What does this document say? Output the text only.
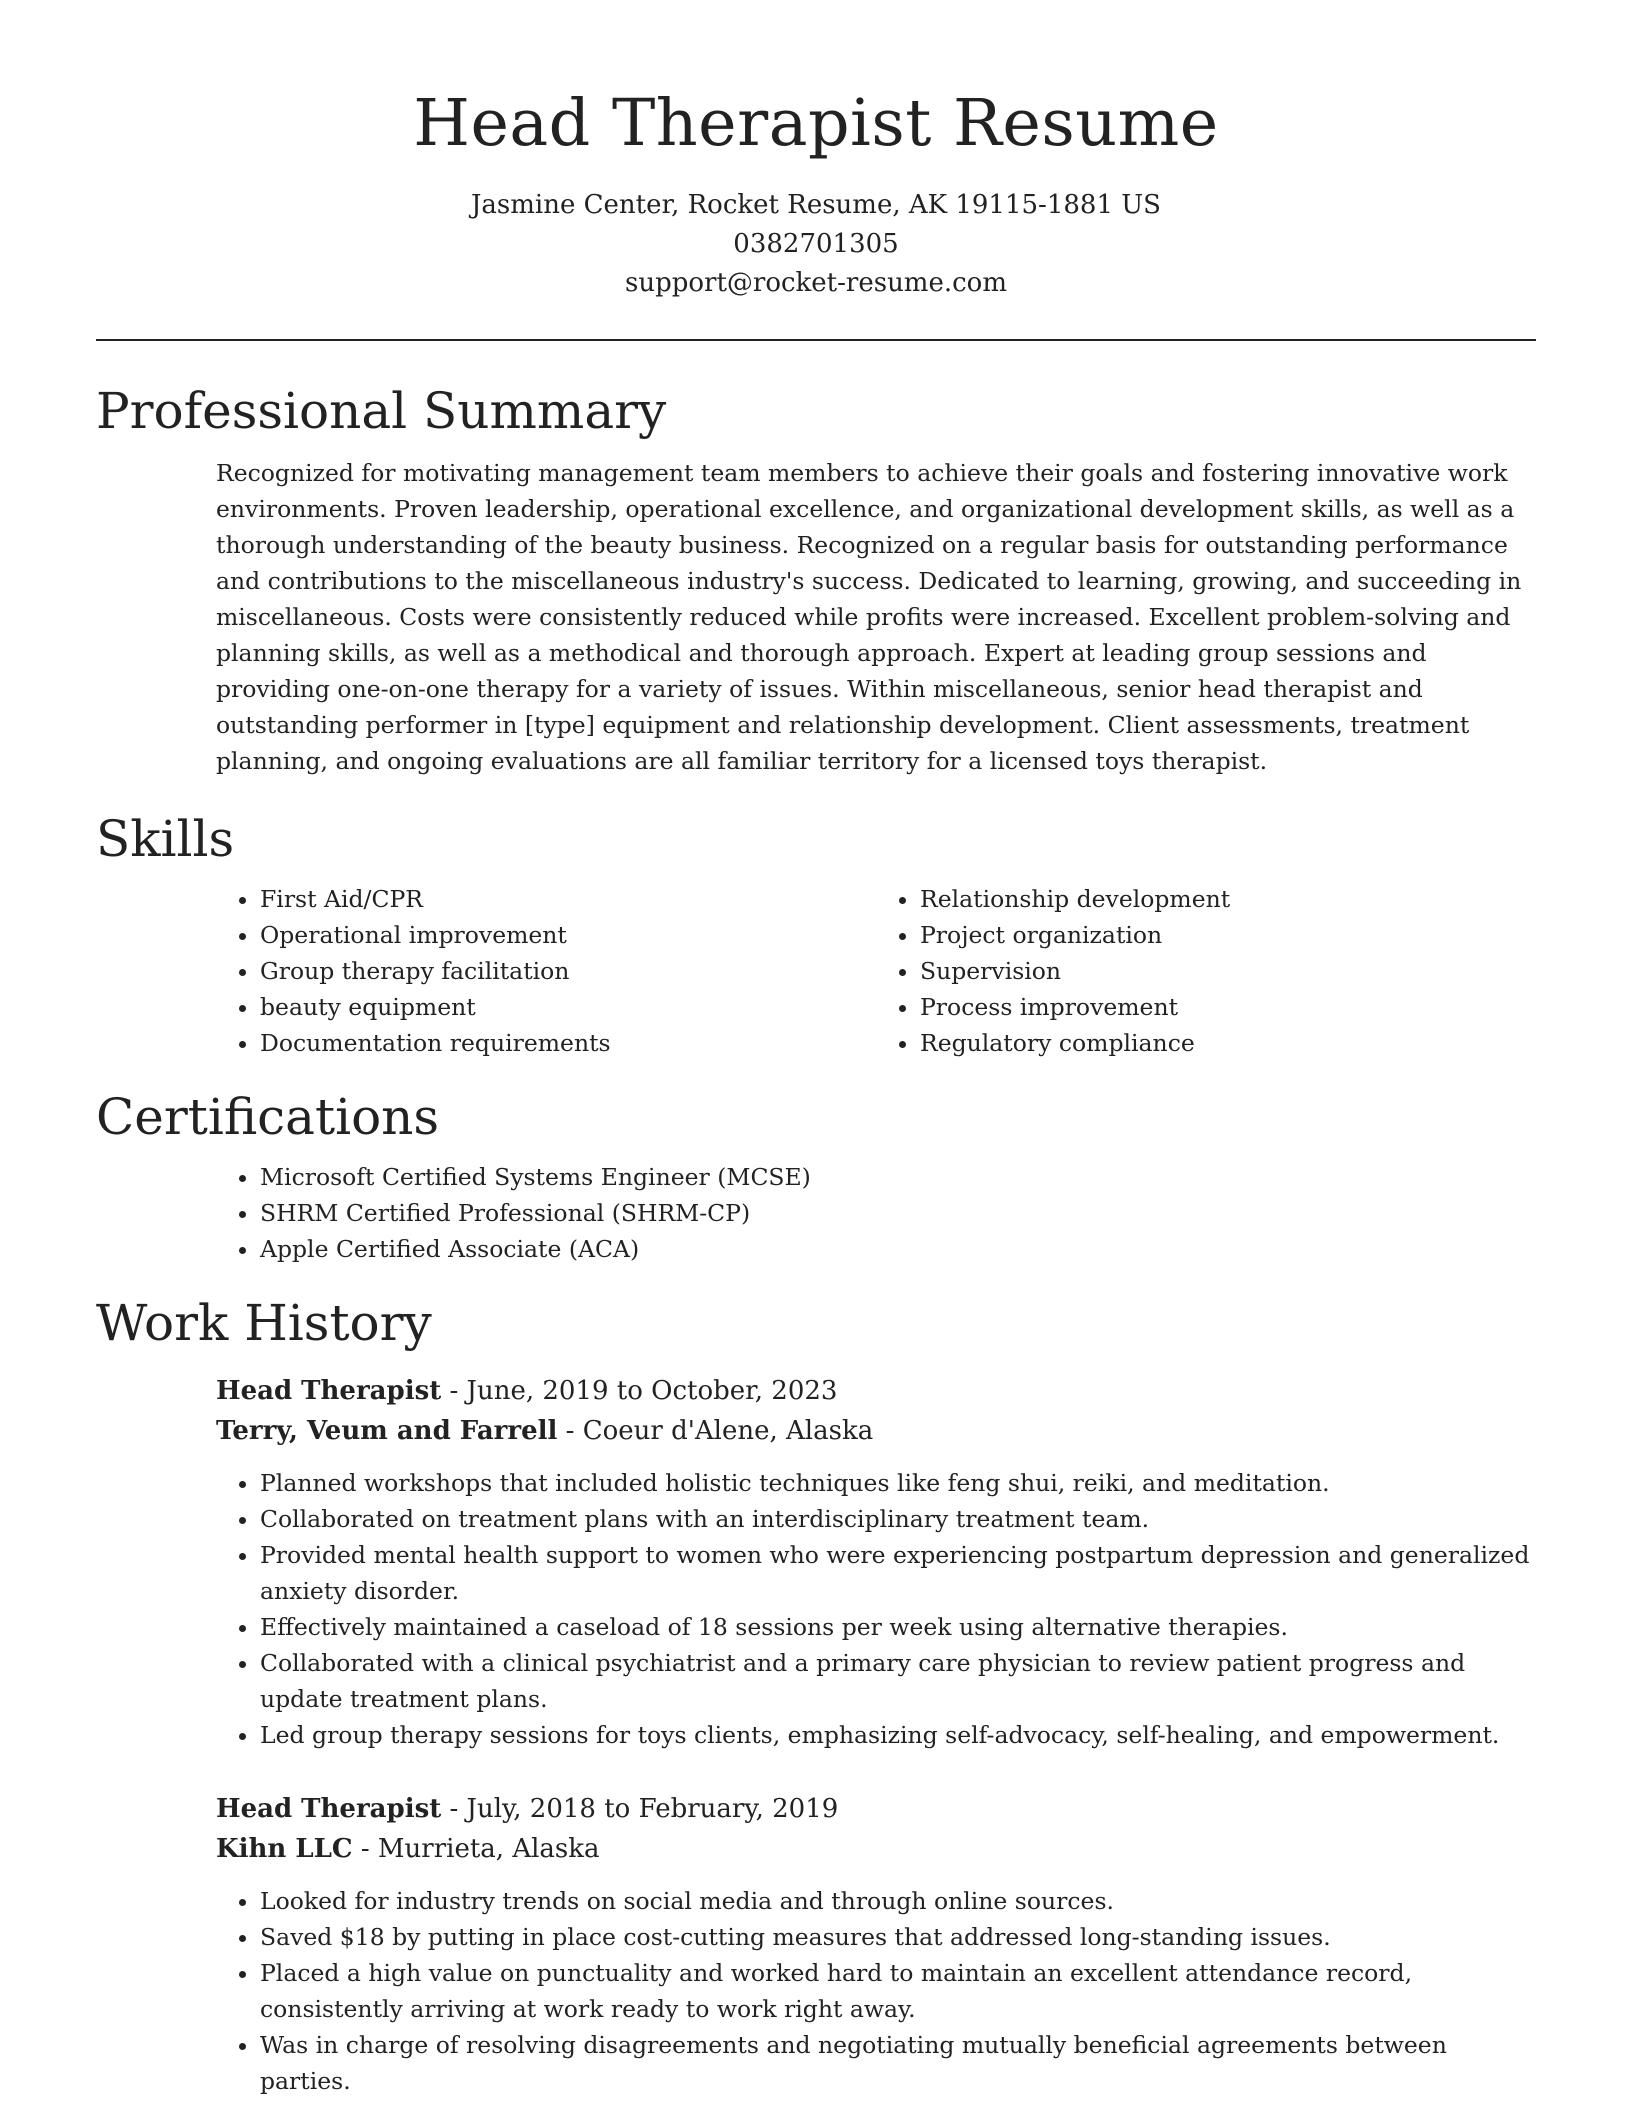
Head Therapist Resume
Jasmine Center, Rocket Resume, AK 19115-1881 US
0382701305
support@rocket-resume.com
Professional Summary

Recognized for motivating management team members to achieve their goals and fostering innovative work environments. Proven leadership, operational excellence, and organizational development skills, as well as a thorough understanding of the beauty business. Recognized on a regular basis for outstanding performance and contributions to the miscellaneous industry's success. Dedicated to learning, growing, and succeeding in miscellaneous. Costs were consistently reduced while profits were increased. Excellent problem-solving and planning skills, as well as a methodical and thorough approach. Expert at leading group sessions and providing one-on-one therapy for a variety of issues. Within miscellaneous, senior head therapist and outstanding performer in [type] equipment and relationship development. Client assessments, treatment planning, and ongoing evaluations are all familiar territory for a licensed toys therapist.

Skills
• First Aid/CPR
• Operational improvement
• Group therapy facilitation
• beauty equipment
• Documentation requirements
• Relationship development
• Project organization
• Supervision
• Process improvement
• Regulatory compliance
Certifications
• Microsoft Certified Systems Engineer (MCSE)
• SHRM Certified Professional (SHRM-CP)
• Apple Certified Associate (ACA)
Work History
Head Therapist - June, 2019 to October, 2023
Terry, Veum and Farrell - Coeur d'Alene, Alaska
• Planned workshops that included holistic techniques like feng shui, reiki, and meditation.
• Collaborated on treatment plans with an interdisciplinary treatment team.
• Provided mental health support to women who were experiencing postpartum depression and generalized anxiety disorder.
• Effectively maintained a caseload of 18 sessions per week using alternative therapies.
• Collaborated with a clinical psychiatrist and a primary care physician to review patient progress and update treatment plans.
• Led group therapy sessions for toys clients, emphasizing self-advocacy, self-healing, and empowerment.
Head Therapist - July, 2018 to February, 2019
Kihn LLC - Murrieta, Alaska
• Looked for industry trends on social media and through online sources.
• Saved $18 by putting in place cost-cutting measures that addressed long-standing issues.
• Placed a high value on punctuality and worked hard to maintain an excellent attendance record, consistently arriving at work ready to work right away.
• Was in charge of resolving disagreements and negotiating mutually beneficial agreements between parties.
